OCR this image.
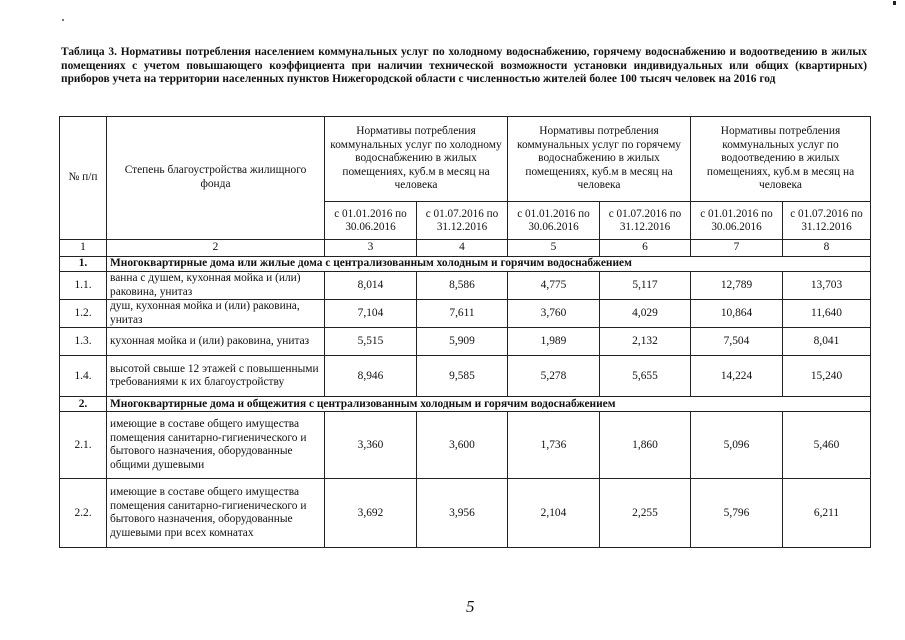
Таблица 3. Нормативы потребления населением коммунальных услуг по холодному водоснабжению, горячему водоснабжению и водоотведению в жилых помещениях с учетом повышающего коэффициента при наличии технической возможности установки индивидуальных или общих (квартирных) приборов учета на территории населенных пунктов Нижегородской области с численностью жителей более 100 тысяч человек на 2016 год

№ п/п	Степень благоустройства жилищного фонда	Нормативы потребления коммунальных услуг по холодному водоснабжению в жилых помещениях, куб.м в месяц на человека		Нормативы потребления коммунальных услуг по горячему водоснабжению в жилых помещениях, куб.м в месяц на человека		Нормативы потребления коммунальных услуг по водоотведению в жилых помещениях, куб.м в месяц на человека	
		с 01.01.2016 по 30.06.2016	с 01.07.2016 по 31.12.2016	с 01.01.2016 по 30.06.2016	с 01.07.2016 по 31.12.2016	с 01.01.2016 по 30.06.2016	с 01.07.2016 по 31.12.2016
1	2	3	4	5	6	7	8
1.	Многоквартирные дома или жилые дома с централизованным холодным и горячим водоснабжением						
1.1.	ванна с душем, кухонная мойка и (или) раковина, унитаз	8,014	8,586	4,775	5,117	12,789	13,703
1.2.	душ, кухонная мойка и (или) раковина, унитаз	7,104	7,611	3,760	4,029	10,864	11,640
1.3.	кухонная мойка и (или) раковина, унитаз	5,515	5,909	1,989	2,132	7,504	8,041
1.4.	высотой свыше 12 этажей с повышенными требованиями к их благоустройству	8,946	9,585	5,278	5,655	14,224	15,240
2.	Многоквартирные дома и общежития с централизованным холодным и горячим водоснабжением						
2.1.	имеющие в составе общего имущества помещения санитарно-гигиенического и бытового назначения, оборудованные общими душевыми	3,360	3,600	1,736	1,860	5,096	5,460
2.2.	имеющие в составе общего имущества помещения санитарно-гигиенического и бытового назначения, оборудованные душевыми при всех комнатах	3,692	3,956	2,104	2,255	5,796	6,211
5
